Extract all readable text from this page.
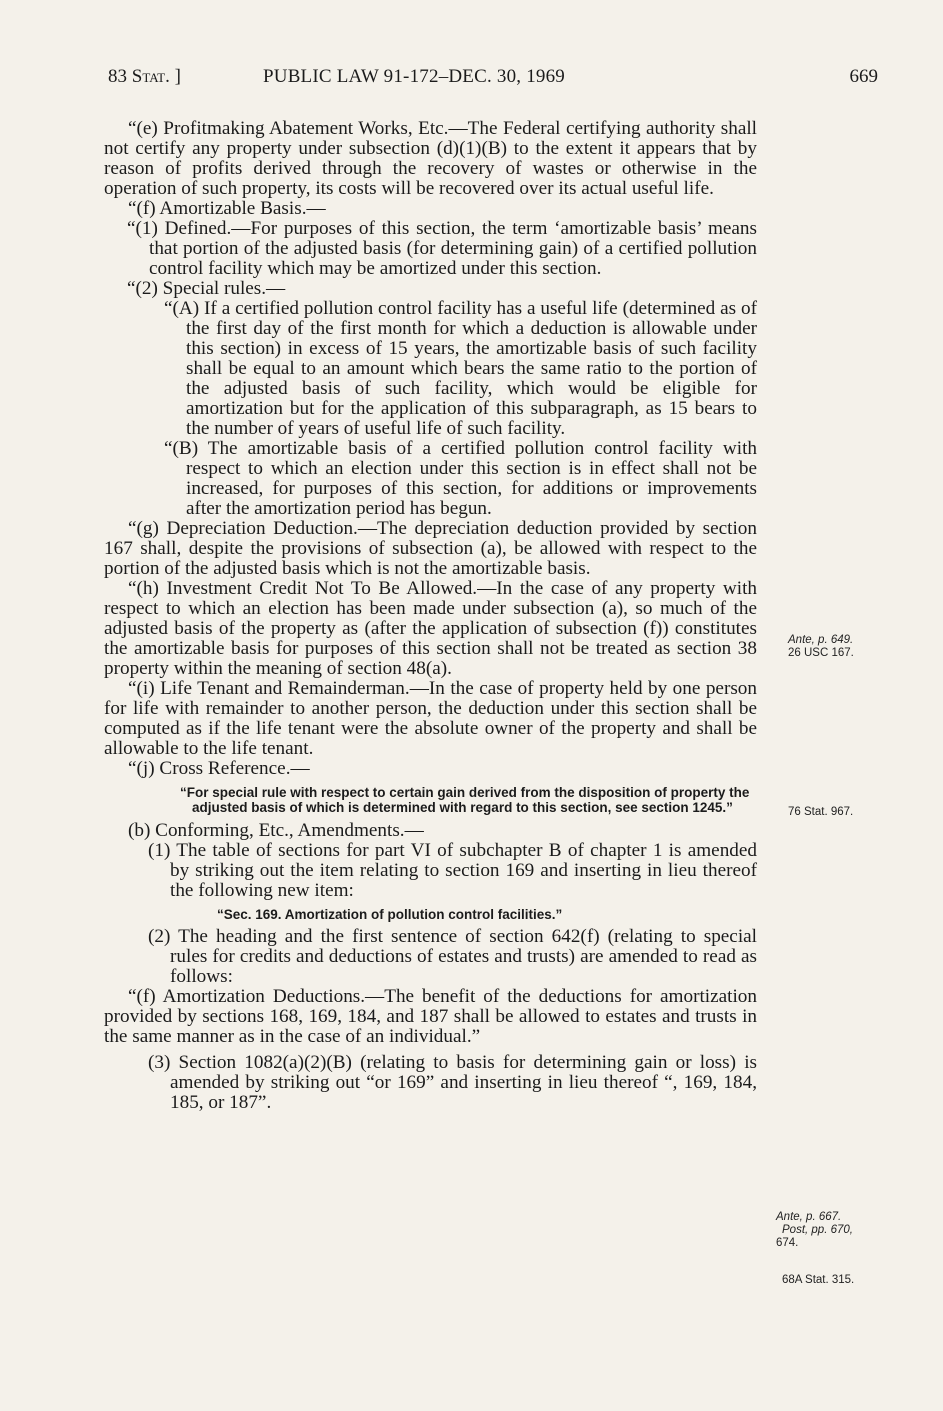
83 Stat. ]	PUBLIC LAW 91-172–DEC. 30, 1969	669

“(e) Profitmaking Abatement Works, Etc.—The Federal certifying authority shall not certify any property under subsection (d)(1)(B) to the extent it appears that by reason of profits derived through the recovery of wastes or otherwise in the operation of such property, its costs will be recovered over its actual useful life.

“(f) Amortizable Basis.—

“(1) Defined.—For purposes of this section, the term ‘amortizable basis’ means that portion of the adjusted basis (for determining gain) of a certified pollution control facility which may be amortized under this section.

“(2) Special rules.—

“(A) If a certified pollution control facility has a useful life (determined as of the first day of the first month for which a deduction is allowable under this section) in excess of 15 years, the amortizable basis of such facility shall be equal to an amount which bears the same ratio to the portion of the adjusted basis of such facility, which would be eligible for amortization but for the application of this subparagraph, as 15 bears to the number of years of useful life of such facility.

“(B) The amortizable basis of a certified pollution control facility with respect to which an election under this section is in effect shall not be increased, for purposes of this section, for additions or improvements after the amortization period has begun.

“(g) Depreciation Deduction.—The depreciation deduction provided by section 167 shall, despite the provisions of subsection (a), be allowed with respect to the portion of the adjusted basis which is not the amortizable basis.

“(h) Investment Credit Not To Be Allowed.—In the case of any property with respect to which an election has been made under subsection (a), so much of the adjusted basis of the property as (after the application of subsection (f)) constitutes the amortizable basis for purposes of this section shall not be treated as section 38 property within the meaning of section 48(a).

“(i) Life Tenant and Remainderman.—In the case of property held by one person for life with remainder to another person, the deduction under this section shall be computed as if the life tenant were the absolute owner of the property and shall be allowable to the life tenant.

“(j) Cross Reference.—

“For special rule with respect to certain gain derived from the disposition of property the adjusted basis of which is determined with regard to this section, see section 1245.”

(b) Conforming, Etc., Amendments.—

(1) The table of sections for part VI of subchapter B of chapter 1 is amended by striking out the item relating to section 169 and inserting in lieu thereof the following new item:

“Sec. 169. Amortization of pollution control facilities.”

(2) The heading and the first sentence of section 642(f) (relating to special rules for credits and deductions of estates and trusts) are amended to read as follows:

“(f) Amortization Deductions.—The benefit of the deductions for amortization provided by sections 168, 169, 184, and 187 shall be allowed to estates and trusts in the same manner as in the case of an individual.”

(3) Section 1082(a)(2)(B) (relating to basis for determining gain or loss) is amended by striking out “or 169” and inserting in lieu thereof “, 169, 184, 185, or 187”.

Ante, p. 649.
26 USC 167.
76 Stat. 967.
Ante, p. 667.
Post, pp. 670,
674.
68A Stat. 315.
